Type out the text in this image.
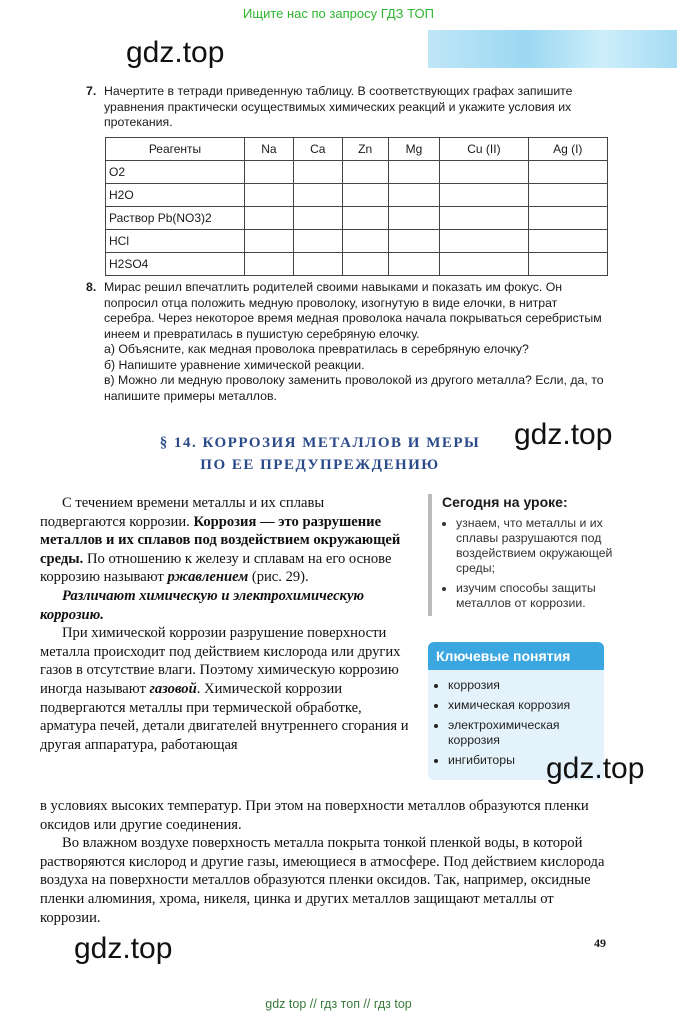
Ищите нас по запросу ГДЗ ТОП
gdz.top
7. Начертите в тетради приведенную таблицу. В соответствующих графах запишите уравнения практически осуществимых химических реакций и укажите условия их протекания.
Реагенты	Na	Ca	Zn	Mg	Cu (II)	Ag (I)
O2						
H2O						
Раствор Pb(NO3)2						
HCl						
H2SO4						
8. Мирас решил впечатлить родителей своими навыками и показать им фокус. Он попросил отца положить медную проволоку, изогнутую в виде елочки, в нитрат серебра. Через некоторое время медная проволока начала покрываться серебристым инеем и превратилась в пушистую серебряную елочку.
а) Объясните, как медная проволока превратилась в серебряную елочку?
б) Напишите уравнение химической реакции.
в) Можно ли медную проволоку заменить проволокой из другого металла? Если, да, то напишите примеры металлов.
§ 14. КОРРОЗИЯ МЕТАЛЛОВ И МЕРЫ
ПО ЕЕ ПРЕДУПРЕЖДЕНИЮ
gdz.top

С течением времени металлы и их сплавы подвергаются коррозии. Коррозия — это разрушение металлов и их сплавов под воздействием окружающей среды. По отношению к железу и сплавам на его основе коррозию называют ржавлением (рис. 29).

Различают химическую и электрохимическую коррозию.

При химической коррозии разрушение поверхности металла происходит под действием кислорода или других газов в отсутствие влаги. Поэтому химическую коррозию иногда называют газовой. Химической коррозии подвергаются металлы при термической обработке, арматура печей, детали двигателей внутреннего сгорания и другая аппаратура, работающая

в условиях высоких температур. При этом на поверхности металлов образуются пленки оксидов или другие соединения.

Во влажном воздухе поверхность металла покрыта тонкой пленкой воды, в которой растворяются кислород и другие газы, имеющиеся в атмосфере. Под действием кислорода воздуха на поверхности металлов образуются пленки оксидов. Так, например, оксидные пленки алюминия, хрома, никеля, цинка и других металлов защищают металлы от коррозии.

Сегодня на уроке:
• узнаем, что металлы и их сплавы разрушаются под воздействием окружающей среды;
• изучим способы защиты металлов от коррозии.
Ключевые понятия
• коррозия
• химическая коррозия
• электрохимическая коррозия
• ингибиторы	gdz.top
gdz.top	49
gdz top // гдз топ // гдз top
